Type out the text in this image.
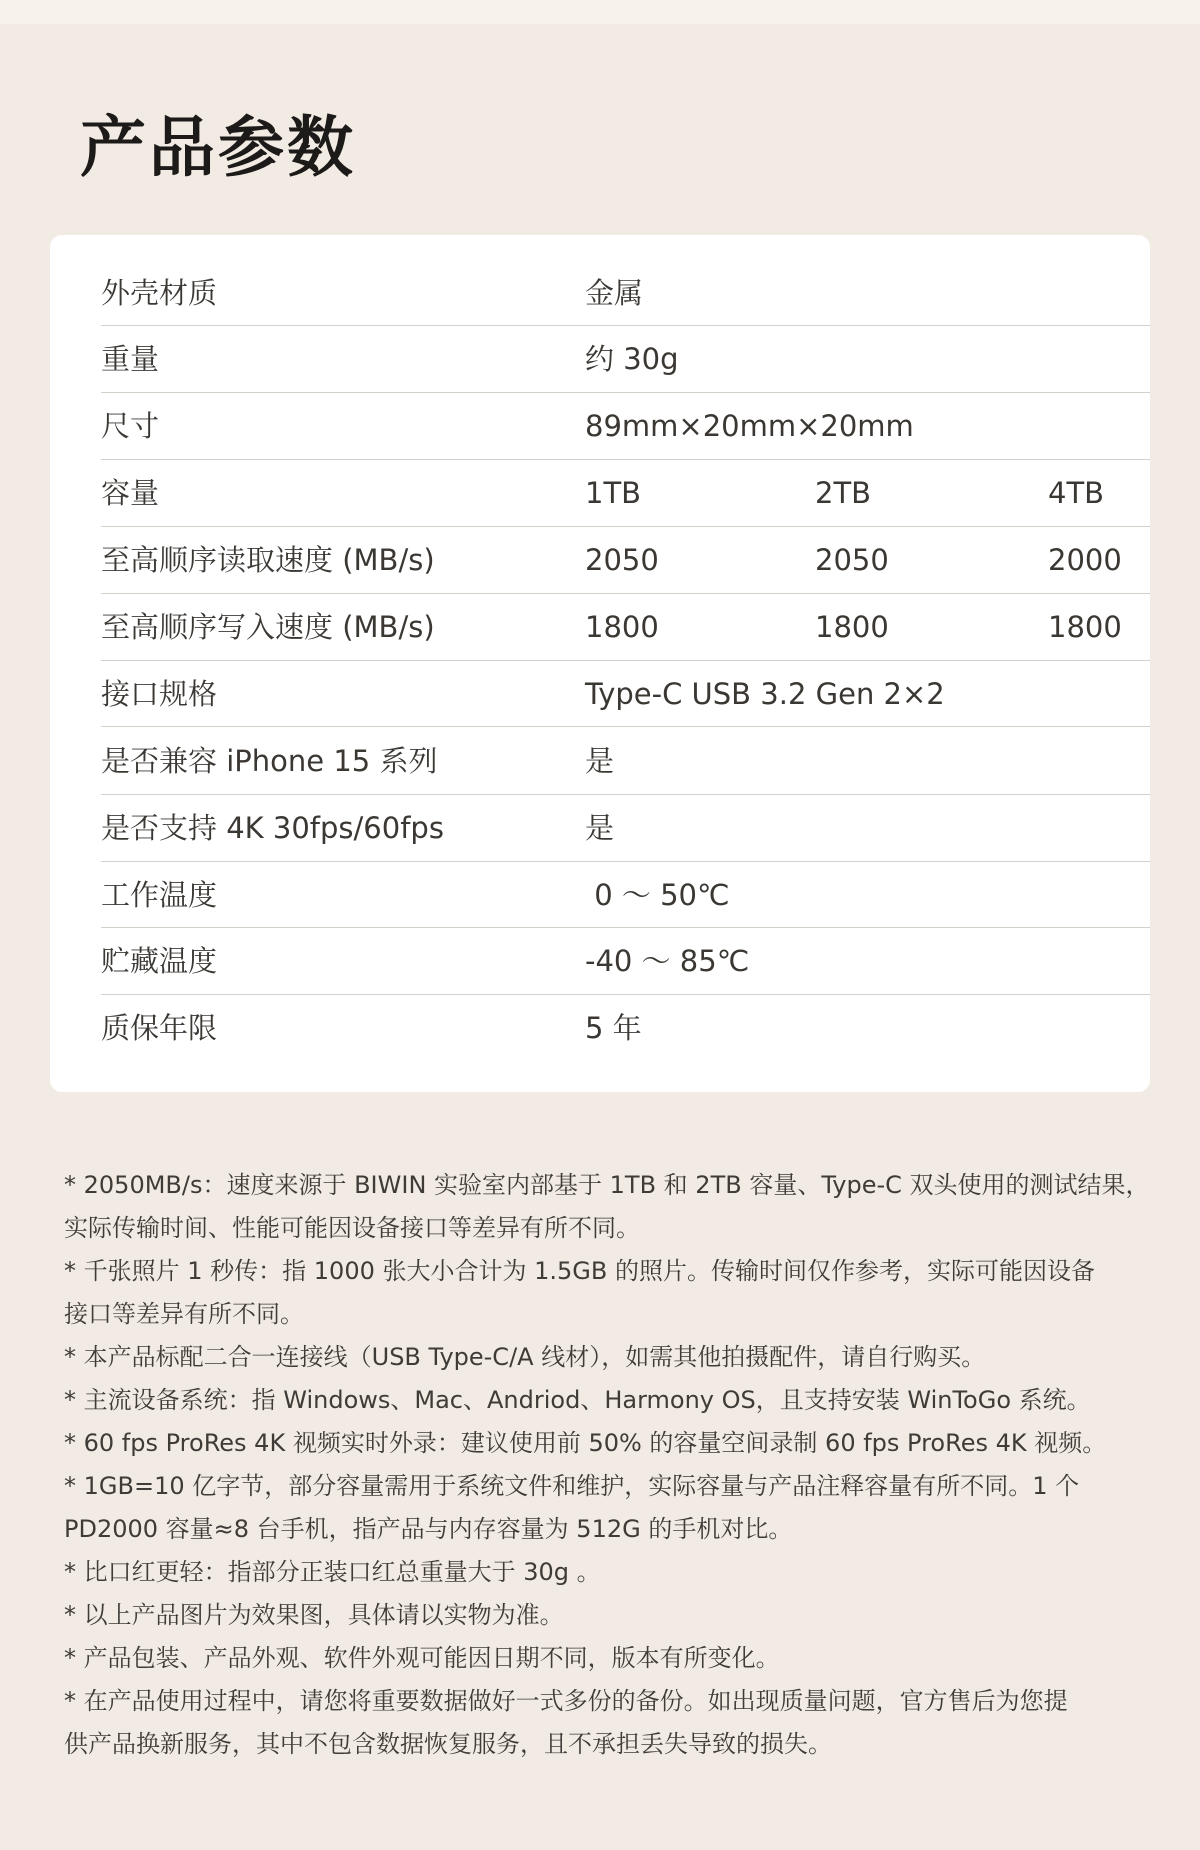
产品参数
外壳材质	金属
重量	约 30g
尺寸	89mm×20mm×20mm
容量	1TB	2TB	4TB
至高顺序读取速度 (MB/s)	2050	2050	2000
至高顺序写入速度 (MB/s)	1800	1800	1800
接口规格	Type-C USB 3.2 Gen 2×2
是否兼容 iPhone 15 系列	是
是否支持 4K 30fps/60fps	是
工作温度	0 ～ 50℃
贮藏温度	-40 ～ 85℃
质保年限	5 年
* 2050MB/s：速度来源于 BIWIN 实验室内部基于 1TB 和 2TB 容量、Type-C 双头使用的测试结果，
实际传输时间、性能可能因设备接口等差异有所不同。
* 千张照片 1 秒传：指 1000 张大小合计为 1.5GB 的照片。传输时间仅作参考，实际可能因设备
接口等差异有所不同。
* 本产品标配二合一连接线（USB Type-C/A 线材），如需其他拍摄配件，请自行购买。
* 主流设备系统：指 Windows、Mac、Andriod、Harmony OS，且支持安装 WinToGo 系统。
* 60 fps ProRes 4K 视频实时外录：建议使用前 50% 的容量空间录制 60 fps ProRes 4K 视频。
* 1GB=10 亿字节，部分容量需用于系统文件和维护，实际容量与产品注释容量有所不同。1 个
PD2000 容量≈8 台手机，指产品与内存容量为 512G 的手机对比。
* 比口红更轻：指部分正装口红总重量大于 30g 。
* 以上产品图片为效果图，具体请以实物为准。
* 产品包装、产品外观、软件外观可能因日期不同，版本有所变化。
* 在产品使用过程中，请您将重要数据做好一式多份的备份。如出现质量问题，官方售后为您提
供产品换新服务，其中不包含数据恢复服务，且不承担丢失导致的损失。
